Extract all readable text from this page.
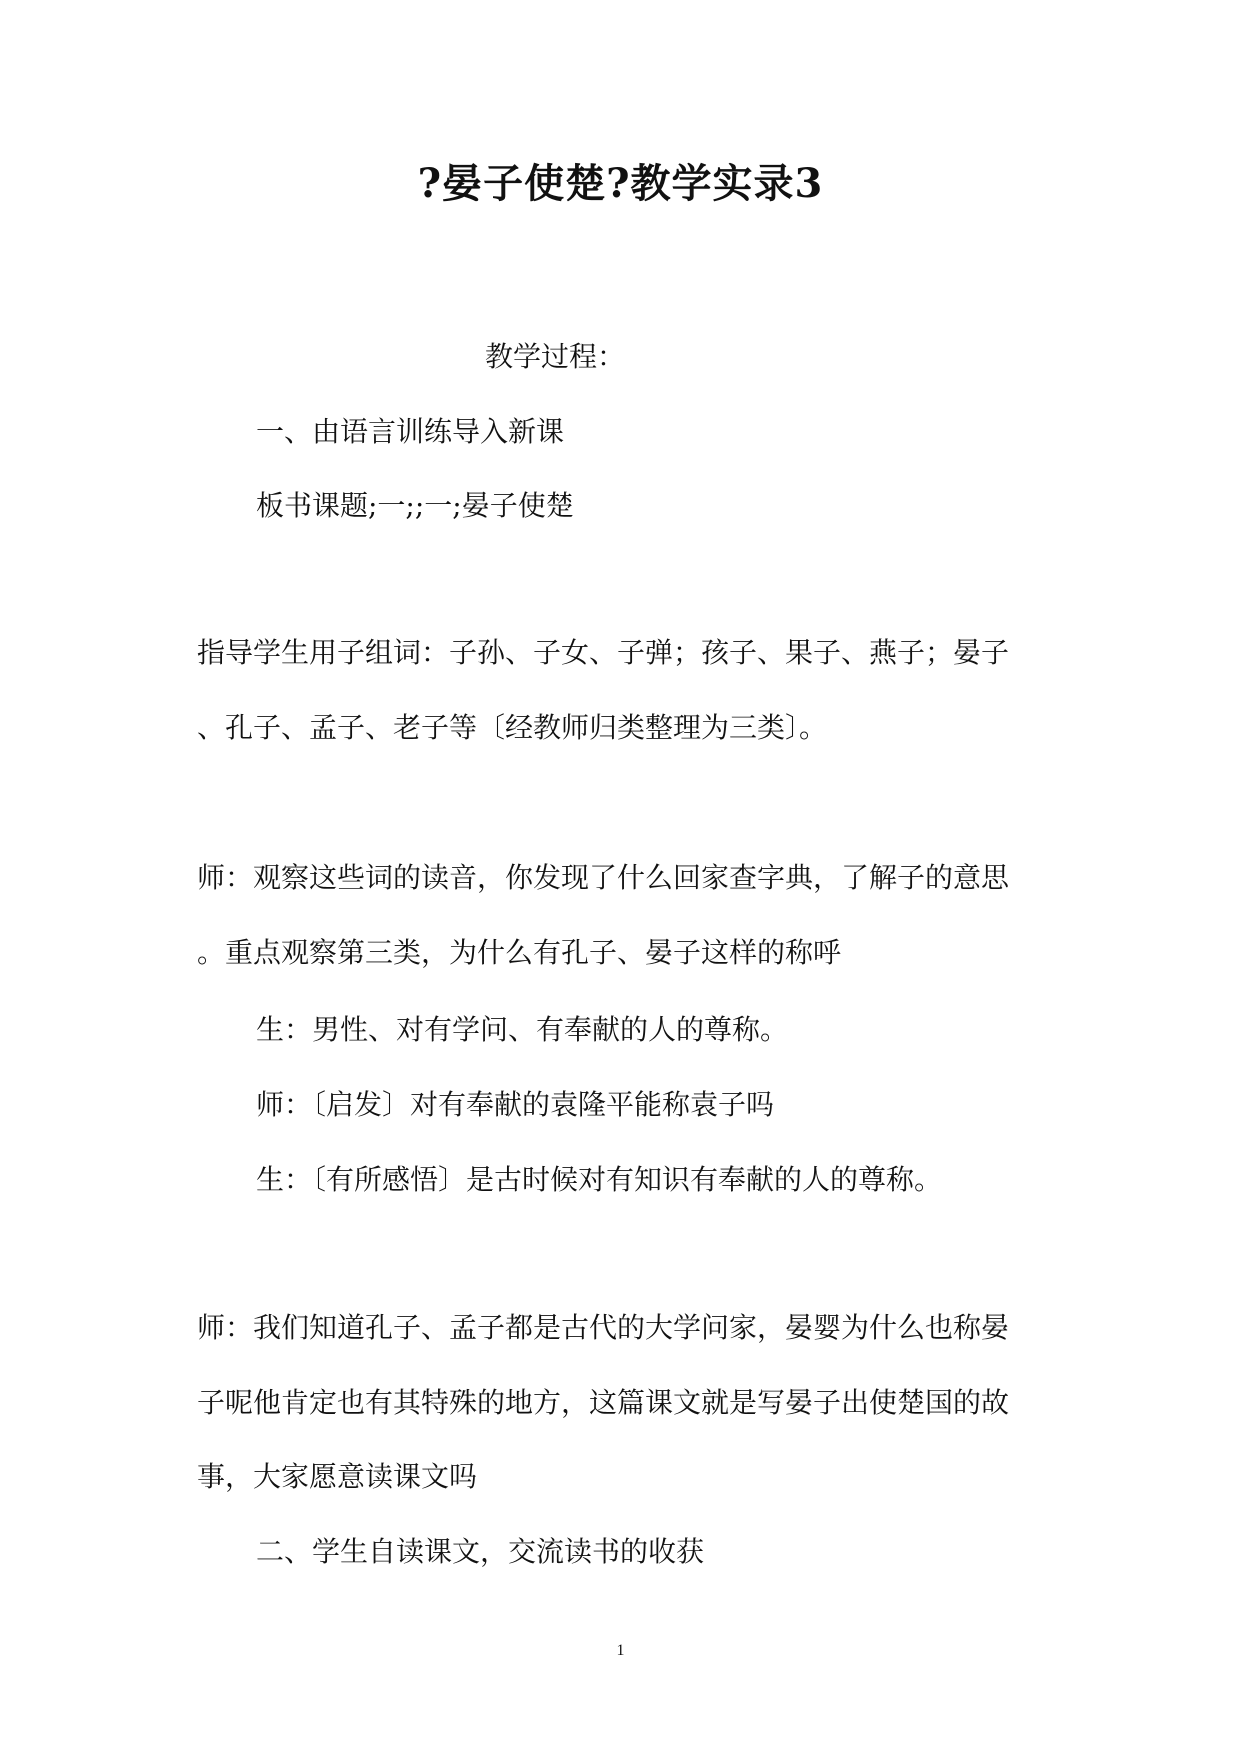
?晏子使楚?教学实录3
教学过程：
一、由语言训练导入新课
板书课题;一;;一;晏子使楚
指导学生用子组词：子孙、子女、子弹；孩子、果子、燕子；晏子
、孔子、孟子、老子等〔经教师归类整理为三类〕。
师：观察这些词的读音，你发现了什么回家查字典，了解子的意思
。重点观察第三类，为什么有孔子、晏子这样的称呼
生：男性、对有学问、有奉献的人的尊称。
师：〔启发〕对有奉献的袁隆平能称袁子吗
生：〔有所感悟〕是古时候对有知识有奉献的人的尊称。
师：我们知道孔子、孟子都是古代的大学问家，晏婴为什么也称晏
子呢他肯定也有其特殊的地方，这篇课文就是写晏子出使楚国的故
事，大家愿意读课文吗
二、学生自读课文，交流读书的收获
1
